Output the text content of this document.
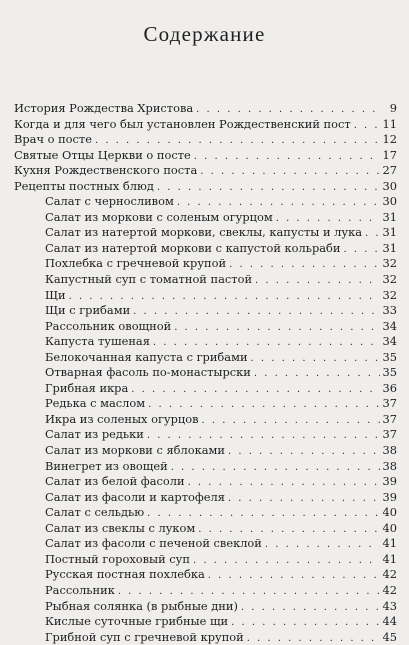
Содержание
История Рождества Христова . . .	9
Когда и для чего был установлен Рождественский пост . . .	11
Врач о посте . . .	12
Святые Отцы Церкви о посте . . .	17
Кухня Рождественского поста . . .	27
Рецепты постных блюд . . .	30
Салат с черносливом . . .	30
Салат из моркови с соленым огурцом . . .	31
Салат из натертой моркови, свеклы, капусты и лука . . . 31
Салат из натертой моркови с капустой кольраби . . .	31
Похлебка с гречневой крупой . . .	32
Капустный суп с томатной пастой . . .	32
Щи . . .	32
Щи с грибами . . .	33
Рассольник овощной . . .	34
Капуста тушеная . . .	34
Белокочанная капуста с грибами . . .	35
Отварная фасоль по-монастырски . . .	35
Грибная икра . . .	36
Редька с маслом . . .	37
Икра из соленых огурцов . . .	37
Салат из редьки . . .	37
Салат из моркови с яблоками . . .	38
Винегрет из овощей . . .	38
Салат из белой фасоли . . .	39
Салат из фасоли и картофеля . . .	39
Салат с сельдью . . .	40
Салат из свеклы с луком . . .	40
Салат из фасоли с печеной свеклой . . .	41
Постный гороховый суп . . .	41
Русская постная похлебка . . .	42
Рассольник . . .	42
Рыбная солянка (в рыбные дни) . . .	43
Кислые суточные грибные щи . . .	44
Грибной суп с гречневой крупой . . .	45
